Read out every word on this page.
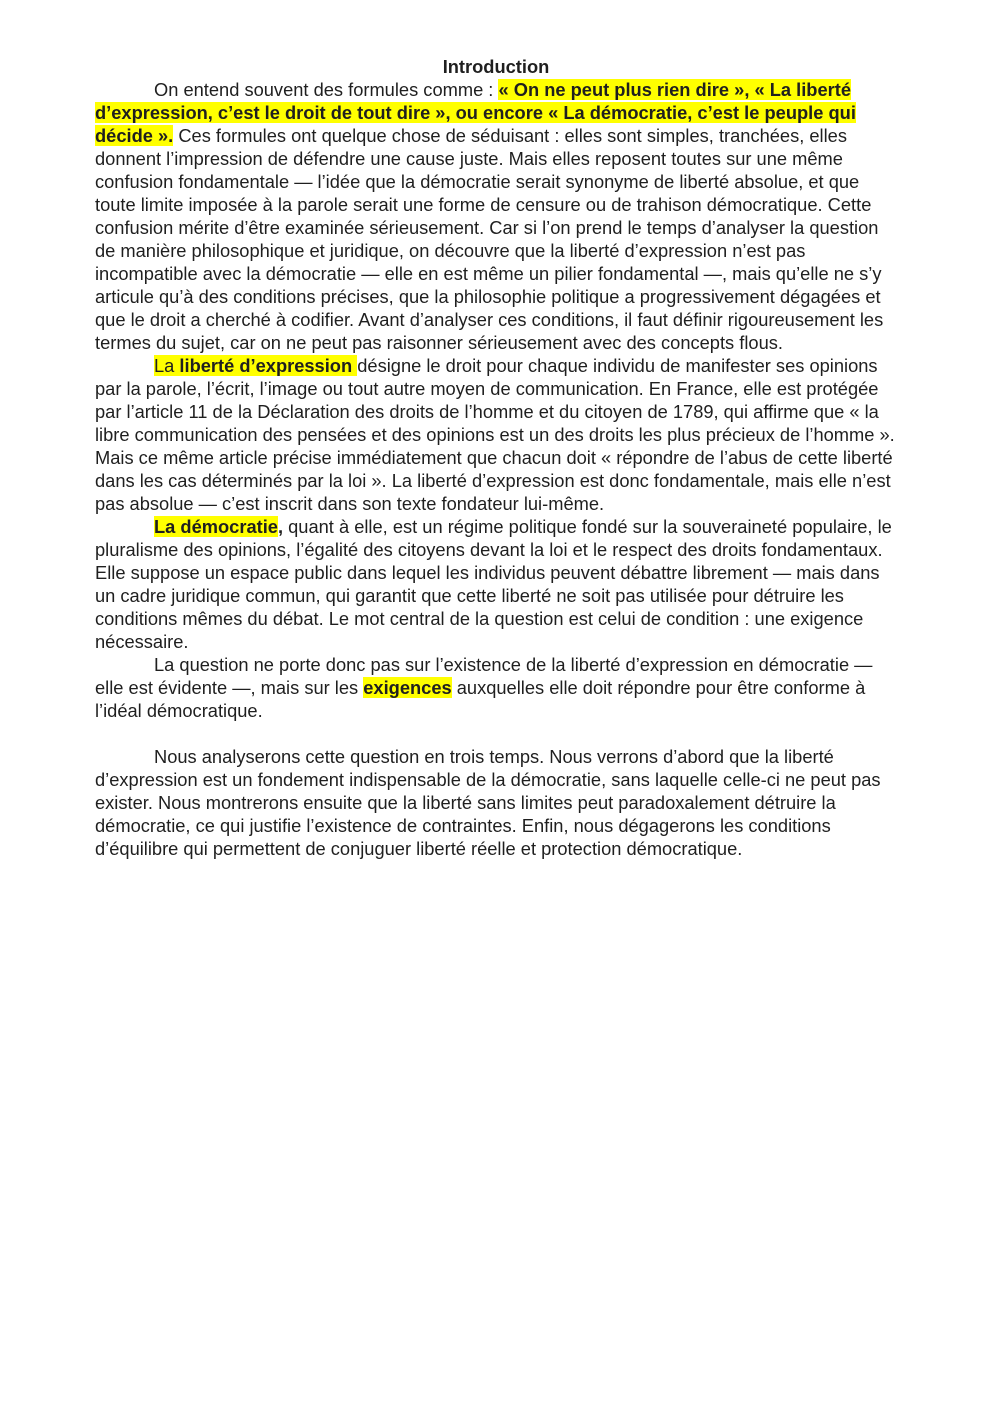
Introduction

On entend souvent des formules comme : « On ne peut plus rien dire », « La liberté d’expression, c’est le droit de tout dire », ou encore « La démocratie, c’est le peuple qui décide ». Ces formules ont quelque chose de séduisant : elles sont simples, tranchées, elles donnent l’impression de défendre une cause juste. Mais elles reposent toutes sur une même confusion fondamentale — l’idée que la démocratie serait synonyme de liberté absolue, et que toute limite imposée à la parole serait une forme de censure ou de trahison démocratique. Cette confusion mérite d’être examinée sérieusement. Car si l’on prend le temps d’analyser la question de manière philosophique et juridique, on découvre que la liberté d’expression n’est pas incompatible avec la démocratie — elle en est même un pilier fondamental —, mais qu’elle ne s’y articule qu’à des conditions précises, que la philosophie politique a progressivement dégagées et que le droit a cherché à codifier. Avant d’analyser ces conditions, il faut définir rigoureusement les termes du sujet, car on ne peut pas raisonner sérieusement avec des concepts flous.

La liberté d’expression désigne le droit pour chaque individu de manifester ses opinions par la parole, l’écrit, l’image ou tout autre moyen de communication. En France, elle est protégée par l’article 11 de la Déclaration des droits de l’homme et du citoyen de 1789, qui affirme que « la libre communication des pensées et des opinions est un des droits les plus précieux de l’homme ». Mais ce même article précise immédiatement que chacun doit « répondre de l’abus de cette liberté dans les cas déterminés par la loi ». La liberté d’expression est donc fondamentale, mais elle n’est pas absolue — c’est inscrit dans son texte fondateur lui-même.

La démocratie, quant à elle, est un régime politique fondé sur la souveraineté populaire, le pluralisme des opinions, l’égalité des citoyens devant la loi et le respect des droits fondamentaux. Elle suppose un espace public dans lequel les individus peuvent débattre librement — mais dans un cadre juridique commun, qui garantit que cette liberté ne soit pas utilisée pour détruire les conditions mêmes du débat. Le mot central de la question est celui de condition : une exigence nécessaire.

La question ne porte donc pas sur l’existence de la liberté d’expression en démocratie — elle est évidente —, mais sur les exigences auxquelles elle doit répondre pour être conforme à l’idéal démocratique.

Nous analyserons cette question en trois temps. Nous verrons d’abord que la liberté d’expression est un fondement indispensable de la démocratie, sans laquelle celle-ci ne peut pas exister. Nous montrerons ensuite que la liberté sans limites peut paradoxalement détruire la démocratie, ce qui justifie l’existence de contraintes. Enfin, nous dégagerons les conditions d’équilibre qui permettent de conjuguer liberté réelle et protection démocratique.
